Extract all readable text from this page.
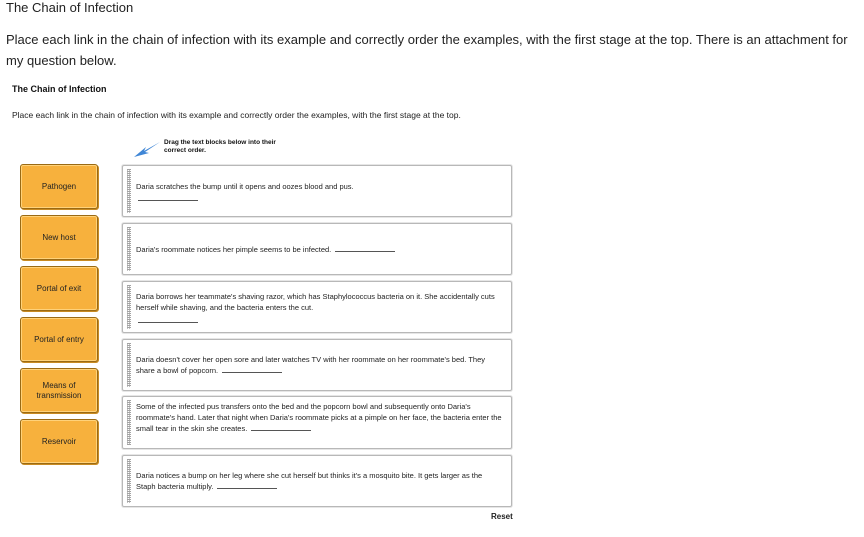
The Chain of Infection
Place each link in the chain of infection with its example and correctly order the examples, with the first stage at the top. There is an attachment for my question below.
The Chain of Infection
Place each link in the chain of infection with its example and correctly order the examples, with the first stage at the top.
Drag the text blocks below into their
correct order.
Pathogen
New host
Portal of exit
Portal of entry
Means of transmission
Reservoir
Daria scratches the bump until it opens and oozes blood and pus.
Daria's roommate notices her pimple seems to be infected.
Daria borrows her teammate's shaving razor, which has Staphylococcus bacteria on it. She accidentally cuts herself while shaving, and the bacteria enters the cut.
Daria doesn't cover her open sore and later watches TV with her roommate on her roommate's bed. They share a bowl of popcorn.
Some of the infected pus transfers onto the bed and the popcorn bowl and subsequently onto Daria's roommate's hand. Later that night when Daria's roommate picks at a pimple on her face, the bacteria enter the small tear in the skin she creates.
Daria notices a bump on her leg where she cut herself but thinks it's a mosquito bite. It gets larger as the Staph bacteria multiply.
Reset
